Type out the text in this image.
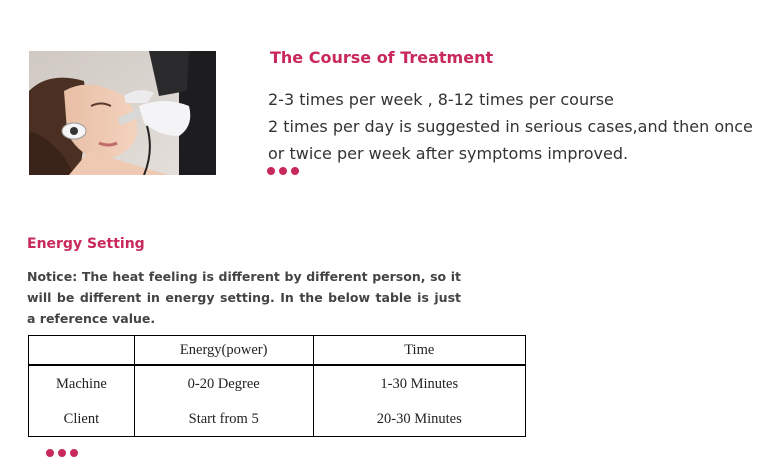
The Course of Treatment
2-3 times per week , 8-12 times per course
2 times per day is suggested in serious cases,and then once
or twice per week after symptoms improved.
Energy Setting
Notice: The heat feeling is different by different person, so it will be different in energy setting. In the below table is just a reference value.
	Energy(power)	Time
Machine	0-20 Degree	1-30 Minutes
Client	Start from 5	20-30 Minutes
